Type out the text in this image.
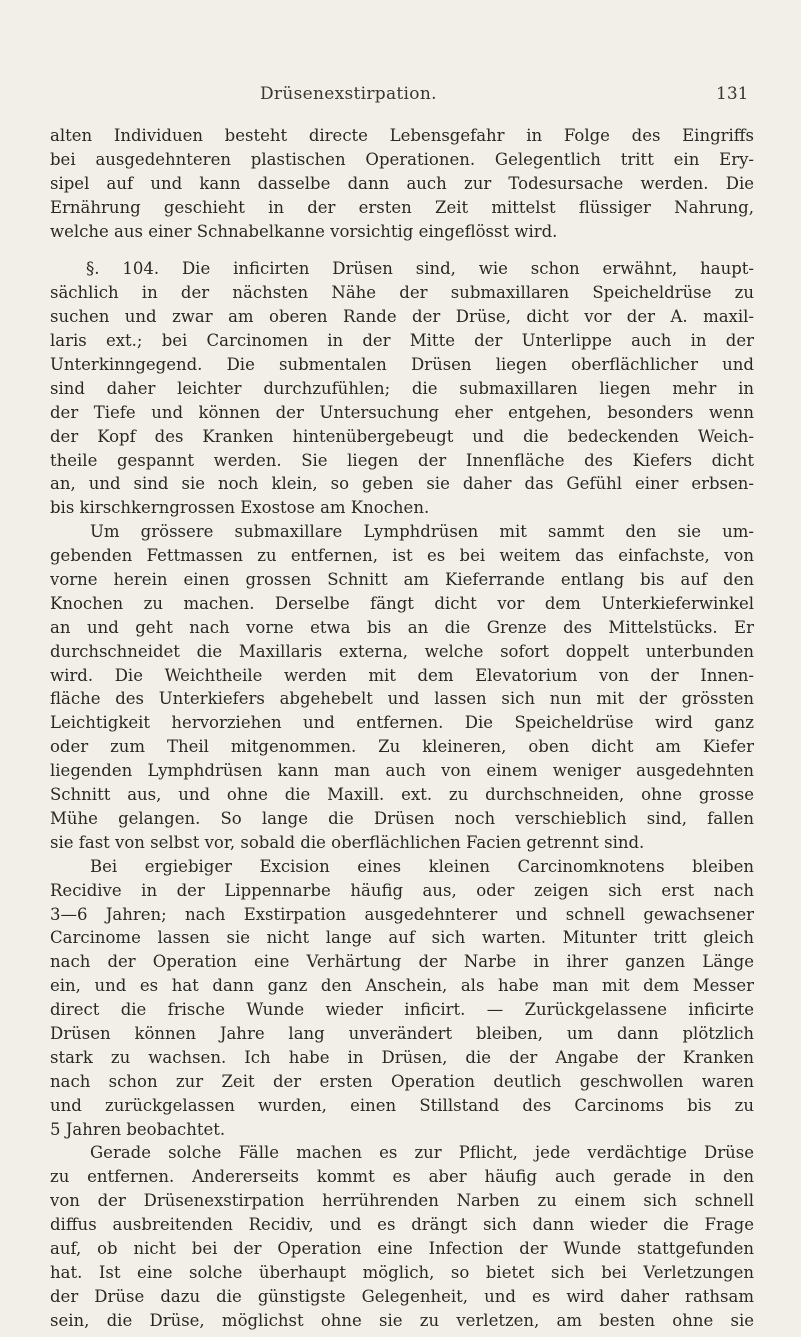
Drüsenexstirpation.	131
alten Individuen besteht directe Lebensgefahr in Folge des Eingriffs
bei ausgedehnteren plastischen Operationen. Gelegentlich tritt ein Ery-
sipel auf und kann dasselbe dann auch zur Todesursache werden. Die
Ernährung geschieht in der ersten Zeit mittelst flüssiger Nahrung,
welche aus einer Schnabelkanne vorsichtig eingeflösst wird.
§. 104. Die inficirten Drüsen sind, wie schon erwähnt, haupt-
sächlich in der nächsten Nähe der submaxillaren Speicheldrüse zu
suchen und zwar am oberen Rande der Drüse, dicht vor der A. maxil-
laris ext.; bei Carcinomen in der Mitte der Unterlippe auch in der
Unterkinngegend. Die submentalen Drüsen liegen oberflächlicher und
sind daher leichter durchzufühlen; die submaxillaren liegen mehr in
der Tiefe und können der Untersuchung eher entgehen, besonders wenn
der Kopf des Kranken hintenübergebeugt und die bedeckenden Weich-
theile gespannt werden. Sie liegen der Innenfläche des Kiefers dicht
an, und sind sie noch klein, so geben sie daher das Gefühl einer erbsen-
bis kirschkerngrossen Exostose am Knochen.
Um grössere submaxillare Lymphdrüsen mit sammt den sie um-
gebenden Fettmassen zu entfernen, ist es bei weitem das einfachste, von
vorne herein einen grossen Schnitt am Kieferrande entlang bis auf den
Knochen zu machen. Derselbe fängt dicht vor dem Unterkieferwinkel
an und geht nach vorne etwa bis an die Grenze des Mittelstücks. Er
durchschneidet die Maxillaris externa, welche sofort doppelt unterbunden
wird. Die Weichtheile werden mit dem Elevatorium von der Innen-
fläche des Unterkiefers abgehebelt und lassen sich nun mit der grössten
Leichtigkeit hervorziehen und entfernen. Die Speicheldrüse wird ganz
oder zum Theil mitgenommen. Zu kleineren, oben dicht am Kiefer
liegenden Lymphdrüsen kann man auch von einem weniger ausgedehnten
Schnitt aus, und ohne die Maxill. ext. zu durchschneiden, ohne grosse
Mühe gelangen. So lange die Drüsen noch verschieblich sind, fallen
sie fast von selbst vor, sobald die oberflächlichen Facien getrennt sind.
Bei ergiebiger Excision eines kleinen Carcinomknotens bleiben
Recidive in der Lippennarbe häufig aus, oder zeigen sich erst nach
3—6 Jahren; nach Exstirpation ausgedehnterer und schnell gewachsener
Carcinome lassen sie nicht lange auf sich warten. Mitunter tritt gleich
nach der Operation eine Verhärtung der Narbe in ihrer ganzen Länge
ein, und es hat dann ganz den Anschein, als habe man mit dem Messer
direct die frische Wunde wieder inficirt. — Zurückgelassene inficirte
Drüsen können Jahre lang unverändert bleiben, um dann plötzlich
stark zu wachsen. Ich habe in Drüsen, die der Angabe der Kranken
nach schon zur Zeit der ersten Operation deutlich geschwollen waren
und zurückgelassen wurden, einen Stillstand des Carcinoms bis zu
5 Jahren beobachtet.
Gerade solche Fälle machen es zur Pflicht, jede verdächtige Drüse
zu entfernen. Andererseits kommt es aber häufig auch gerade in den
von der Drüsenexstirpation herrührenden Narben zu einem sich schnell
diffus ausbreitenden Recidiv, und es drängt sich dann wieder die Frage
auf, ob nicht bei der Operation eine Infection der Wunde stattgefunden
hat. Ist eine solche überhaupt möglich, so bietet sich bei Verletzungen
der Drüse dazu die günstigste Gelegenheit, und es wird daher rathsam
sein, die Drüse, möglichst ohne sie zu verletzen, am besten ohne sie
